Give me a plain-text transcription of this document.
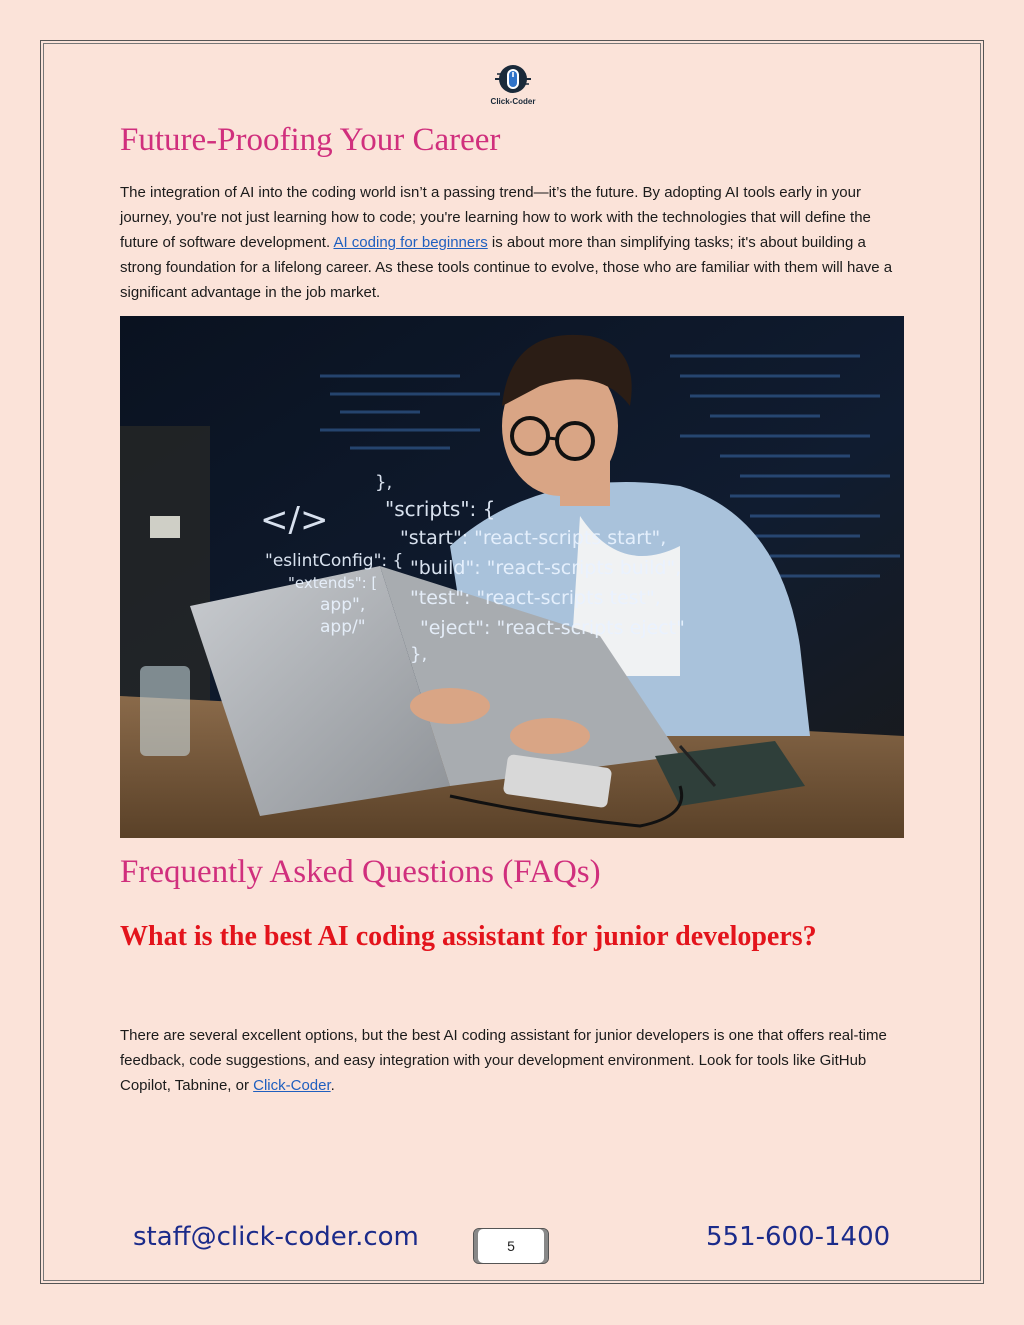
Click-Coder
Future-Proofing Your Career

The integration of AI into the coding world isn’t a passing trend—it’s the future. By adopting AI tools early in your journey, you're not just learning how to code; you're learning how to work with the technologies that will define the future of software development. AI coding for beginners is about more than simplifying tasks; it's about building a strong foundation for a lifelong career. As these tools continue to evolve, those who are familiar with them will have a significant advantage in the job market.

</>
"eslintConfig": {
"extends": [
app",
app/"
},
"scripts": {
"start": "react-scripts start",
"build": "react-scripts build",
"test": "react-scripts test",
"eject": "react-scripts eject"
},
Frequently Asked Questions (FAQs)
What is the best AI coding assistant for junior developers?

There are several excellent options, but the best AI coding assistant for junior developers is one that offers real-time feedback, code suggestions, and easy integration with your development environment. Look for tools like GitHub Copilot, Tabnine, or Click-Coder.

staff@click-coder.com	5	551-600-1400
